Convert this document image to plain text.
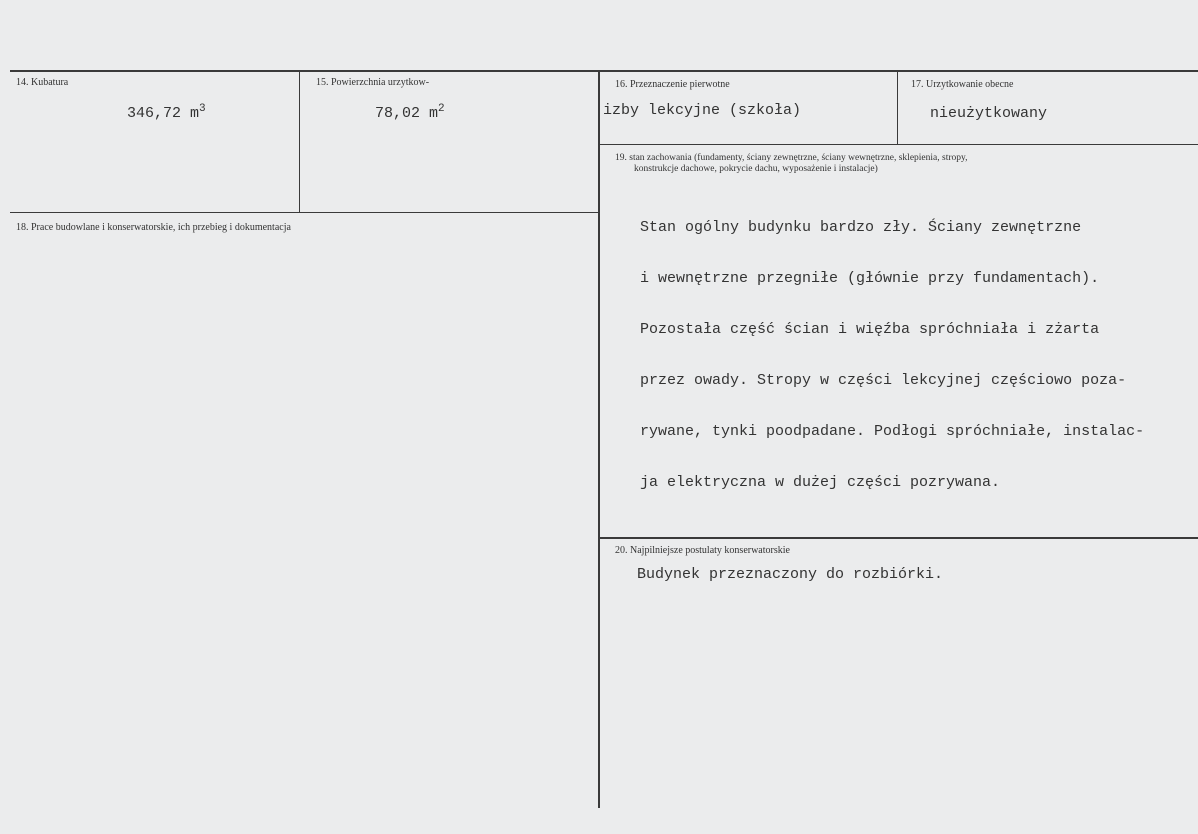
14. Kubatura
346,72 $m^3$
15. Powierzchnia urzytkow-
78,02 $m^2$
16. Przeznaczenie pierwotne
izby lekcyjne (szkoła)
17. Urzytkowanie obecne
nieużytkowany
18. Prace budowlane i konserwatorskie, ich przebieg i dokumentacja
19. stan zachowania (fundamenty, ściany zewnętrzne, ściany wewnętrzne, sklepienia, stropy,
konstrukcje dachowe, pokrycie dachu, wyposażenie i instalacje)

Stan ogólny budynku bardzo zły. Ściany zewnętrzne

i wewnętrzne przegniłe (głównie przy fundamentach).

Pozostała część ścian i więźba spróchniała i zżarta

przez owady. Stropy w części lekcyjnej częściowo poza-

rywane, tynki poodpadane. Podłogi spróchniałe, instalac-

ja elektryczna w dużej części pozrywana.

20. Najpilniejsze postulaty konserwatorskie
Budynek przeznaczony do rozbiórki.
